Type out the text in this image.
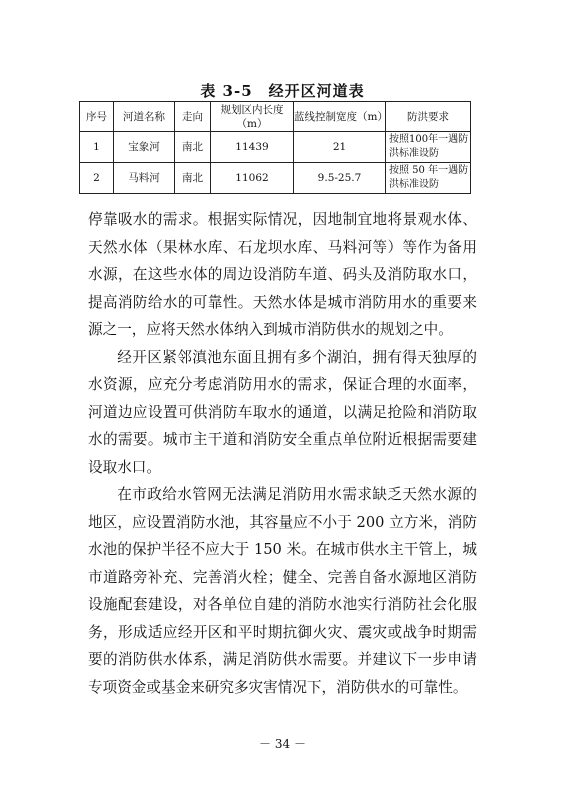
表 3-5　经开区河道表
序号	河道名称	走向	规划区内长度（m）	蓝线控制宽度（m）	防洪要求
1	宝象河	南北	11439	21	按照100年一遇防洪标准设防
2	马料河	南北	11062	9.5-25.7	按照 50 年一遇防洪标准设防

停靠吸水的需求。根据实际情况，因地制宜地将景观水体、天然水体（果林水库、石龙坝水库、马料河等）等作为备用水源，在这些水体的周边设消防车道、码头及消防取水口，提高消防给水的可靠性。天然水体是城市消防用水的重要来源之一，应将天然水体纳入到城市消防供水的规划之中。

经开区紧邻滇池东面且拥有多个湖泊，拥有得天独厚的水资源，应充分考虑消防用水的需求，保证合理的水面率，河道边应设置可供消防车取水的通道，以满足抢险和消防取水的需要。城市主干道和消防安全重点单位附近根据需要建设取水口。

在市政给水管网无法满足消防用水需求缺乏天然水源的地区，应设置消防水池，其容量应不小于 200 立方米，消防水池的保护半径不应大于 150 米。在城市供水主干管上，城市道路旁补充、完善消火栓；健全、完善自备水源地区消防设施配套建设，对各单位自建的消防水池实行消防社会化服务，形成适应经开区和平时期抗御火灾、震灾或战争时期需要的消防供水体系，满足消防供水需要。并建议下一步申请专项资金或基金来研究多灾害情况下，消防供水的可靠性。

－ 34 －
